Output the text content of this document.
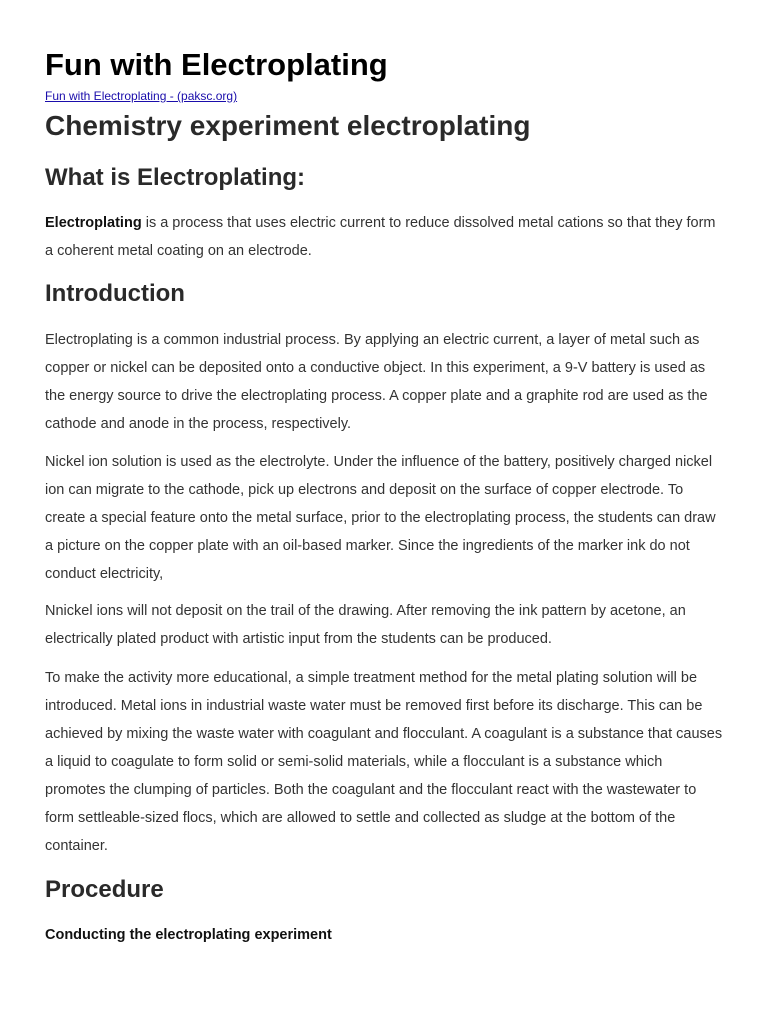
Fun with Electroplating
Fun with Electroplating - (paksc.org)
Chemistry experiment electroplating
What is Electroplating:

Electroplating is a process that uses electric current to reduce dissolved metal cations so that they form a coherent metal coating on an electrode.

Introduction

Electroplating is a common industrial process. By applying an electric current, a layer of metal such as copper or nickel can be deposited onto a conductive object. In this experiment, a 9-V battery is used as the energy source to drive the electroplating process. A copper plate and a graphite rod are used as the cathode and anode in the process, respectively.

Nickel ion solution is used as the electrolyte. Under the influence of the battery, positively charged nickel ion can migrate to the cathode, pick up electrons and deposit on the surface of copper electrode. To create a special feature onto the metal surface, prior to the electroplating process, the students can draw a picture on the copper plate with an oil-based marker. Since the ingredients of the marker ink do not conduct electricity,

Nnickel ions will not deposit on the trail of the drawing. After removing the ink pattern by acetone, an electrically plated product with artistic input from the students can be produced.

To make the activity more educational, a simple treatment method for the metal plating solution will be introduced. Metal ions in industrial waste water must be removed first before its discharge. This can be achieved by mixing the waste water with coagulant and flocculant. A coagulant is a substance that causes a liquid to coagulate to form solid or semi-solid materials, while a flocculant is a substance which promotes the clumping of particles. Both the coagulant and the flocculant react with the wastewater to form settleable-sized flocs, which are allowed to settle and collected as sludge at the bottom of the container.

Procedure

Conducting the electroplating experiment
